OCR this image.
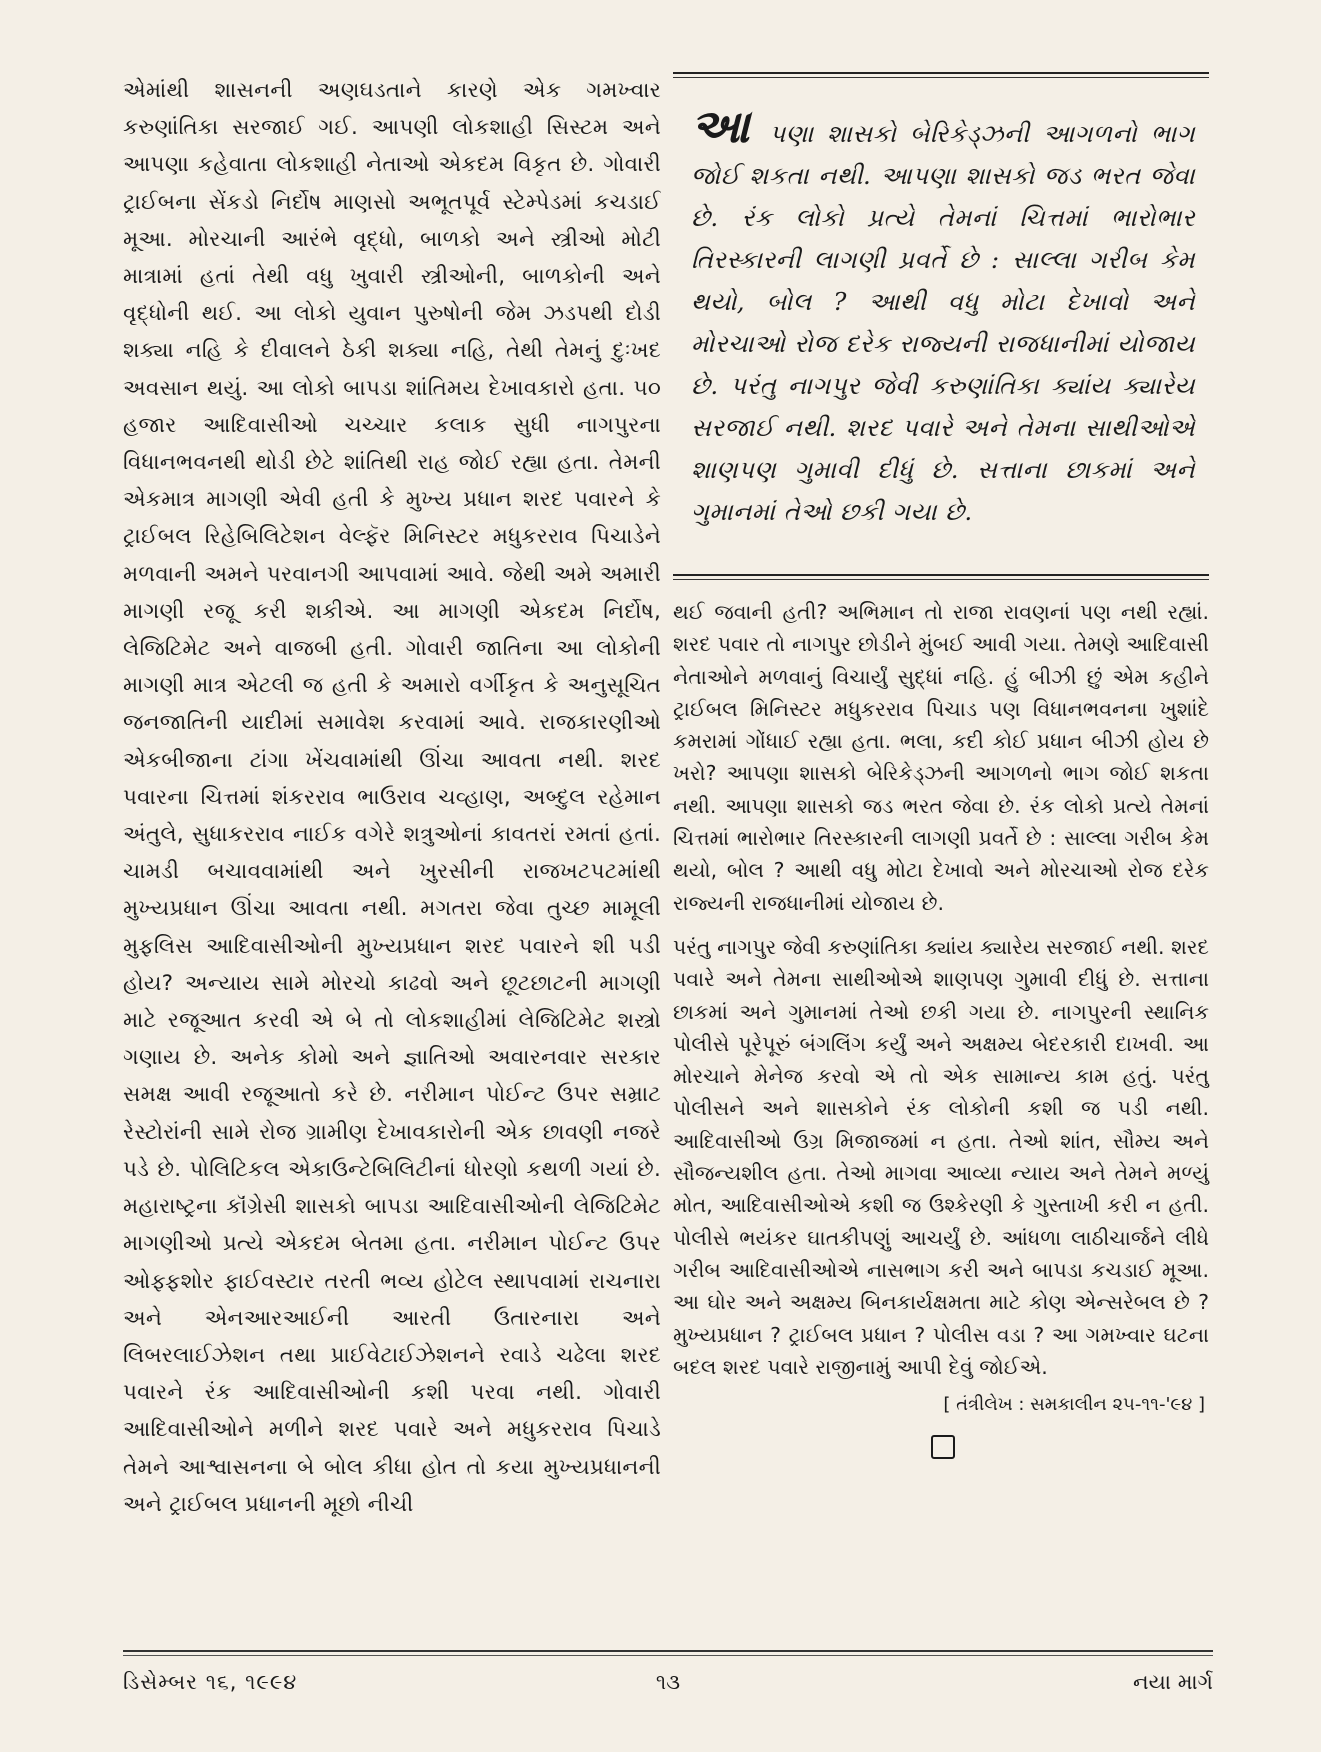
એમાંથી શાસનની અણઘડતાને કારણે એક ગમખ્વાર કરુણાંતિકા સરજાઈ ગઈ. આપણી લોકશાહી સિસ્ટમ અને આપણા કહેવાતા લોકશાહી નેતાઓ એકદમ વિકૃત છે. ગોવારી ટ્રાઈબના સેંકડો નિર્દોષ માણસો અભૂતપૂર્વ સ્ટેમ્પેડમાં કચડાઈ મૂઆ. મોરચાની આરંભે વૃદ્ધો, બાળકો અને સ્ત્રીઓ મોટી માત્રામાં હતાં તેથી વધુ ખુવારી સ્ત્રીઓની, બાળકોની અને વૃદ્ધોની થઈ. આ લોકો યુવાન પુરુષોની જેમ ઝડપથી દોડી શક્યા નહિ કે દીવાલને ઠેકી શક્યા નહિ, તેથી તેમનું દુઃખદ અવસાન થયું. આ લોકો બાપડા શાંતિમય દેખાવકારો હતા. ૫૦ હજાર આદિવાસીઓ ચચ્ચાર કલાક સુધી નાગપુરના વિધાનભવનથી થોડી છેટે શાંતિથી રાહ જોઈ રહ્યા હતા. તેમની એકમાત્ર માગણી એવી હતી કે મુખ્ય પ્રધાન શરદ પવારને કે ટ્રાઈબલ રિહેબિલિટેશન વેલ્ફૅર મિનિસ્ટર મધુકરરાવ પિચાડેને મળવાની અમને પરવાનગી આપવામાં આવે. જેથી અમે અમારી માગણી રજૂ કરી શકીએ. આ માગણી એકદમ નિર્દોષ, લેજિટિમેટ અને વાજબી હતી. ગોવારી જાતિના આ લોકોની માગણી માત્ર એટલી જ હતી કે અમારો વર્ગીકૃત કે અનુસૂચિત જનજાતિની યાદીમાં સમાવેશ કરવામાં આવે. રાજકારણીઓ એકબીજાના ટાંગા ખેંચવામાંથી ઊંચા આવતા નથી. શરદ પવારના ચિત્તમાં શંકરરાવ ભાઉરાવ ચવ્હાણ, અબ્દુલ રહેમાન અંતુલે, સુધાકરરાવ નાઈક વગેરે શત્રુઓનાં કાવતરાં રમતાં હતાં. ચામડી બચાવવામાંથી અને ખુરસીની રાજખટપટમાંથી મુખ્યપ્રધાન ઊંચા આવતા નથી. મગતરા જેવા તુચ્છ મામૂલી મુફલિસ આદિવાસીઓની મુખ્યપ્રધાન શરદ પવારને શી પડી હોય? અન્યાય સામે મોરચો કાઢવો અને છૂટછાટની માગણી માટે રજૂઆત કરવી એ બે તો લોકશાહીમાં લેજિટિમેટ શસ્ત્રો ગણાય છે. અનેક કોમો અને જ્ઞાતિઓ અવારનવાર સરકાર સમક્ષ આવી રજૂઆતો કરે છે. નરીમાન પોઈન્ટ ઉપર સમ્રાટ રેસ્ટોરાંની સામે રોજ ગ્રામીણ દેખાવકારોની એક છાવણી નજરે પડે છે. પોલિટિકલ એકાઉન્ટેબિલિટીનાં ધોરણો કથળી ગયાં છે. મહારાષ્ટ્રના કૉંગ્રેસી શાસકો બાપડા આદિવાસીઓની લેજિટિમેટ માગણીઓ પ્રત્યે એકદમ બેતમા હતા. નરીમાન પોઈન્ટ ઉપર ઓફ્ફશોર ફાઈવસ્ટાર તરતી ભવ્ય હોટેલ સ્થાપવામાં રાચનારા અને એનઆરઆઈની આરતી ઉતારનારા અને લિબરલાઈઝેશન તથા પ્રાઈવેટાઈઝેશનને રવાડે ચઢેલા શરદ પવારને રંક આદિવાસીઓની કશી પરવા નથી. ગોવારી આદિવાસીઓને મળીને શરદ પવારે અને મધુકરરાવ પિચાડે તેમને આશ્વાસનના બે બોલ કીધા હોત તો કયા મુખ્યપ્રધાનની અને ટ્રાઈબલ પ્રધાનની મૂછો નીચી

આ પણા શાસકો બેરિકેડ્ઝની આગળનો ભાગ જોઈ શકતા નથી. આપણા શાસકો જડ ભરત જેવા છે. રંક લોકો પ્રત્યે તેમનાં ચિત્તમાં ભારોભાર તિરસ્કારની લાગણી પ્રવર્તે છે : સાલ્લા ગરીબ કેમ થયો, બોલ ? આથી વધુ મોટા દેખાવો અને મોરચાઓ રોજ દરેક રાજ્યની રાજધાનીમાં યોજાય છે. પરંતુ નાગપુર જેવી કરુણાંતિકા ક્યાંય ક્યારેય સરજાઈ નથી. શરદ પવારે અને તેમના સાથીઓએ શાણપણ ગુમાવી દીધું છે. સત્તાના છાકમાં અને ગુમાનમાં તેઓ છકી ગયા છે.

થઈ જવાની હતી? અભિમાન તો રાજા રાવણનાં પણ નથી રહ્યાં. શરદ પવાર તો નાગપુર છોડીને મુંબઈ આવી ગયા. તેમણે આદિવાસી નેતાઓને મળવાનું વિચાર્યું સુદ્ધાં નહિ. હું બીઝી છું એમ કહીને ટ્રાઈબલ મિનિસ્ટર મધુકરરાવ પિચાડ પણ વિધાનભવનના ખુશાંદે કમરામાં ગોંધાઈ રહ્યા હતા. ભલા, કદી કોઈ પ્રધાન બીઝી હોય છે ખરો? આપણા શાસકો બેરિકેડ્ઝની આગળનો ભાગ જોઈ શકતા નથી. આપણા શાસકો જડ ભરત જેવા છે. રંક લોકો પ્રત્યે તેમનાં ચિત્તમાં ભારોભાર તિરસ્કારની લાગણી પ્રવર્તે છે : સાલ્લા ગરીબ કેમ થયો, બોલ ? આથી વધુ મોટા દેખાવો અને મોરચાઓ રોજ દરેક રાજ્યની રાજધાનીમાં યોજાય છે.

પરંતુ નાગપુર જેવી કરુણાંતિકા ક્યાંય ક્યારેય સરજાઈ નથી. શરદ પવારે અને તેમના સાથીઓએ શાણપણ ગુમાવી દીધું છે. સત્તાના છાકમાં અને ગુમાનમાં તેઓ છકી ગયા છે. નાગપુરની સ્થાનિક પોલીસે પૂરેપૂરું બંગલિંગ કર્યું અને અક્ષમ્ય બેદરકારી દાખવી. આ મોરચાને મેનેજ કરવો એ તો એક સામાન્ય કામ હતું. પરંતુ પોલીસને અને શાસકોને રંક લોકોની કશી જ પડી નથી. આદિવાસીઓ ઉગ્ર મિજાજમાં ન હતા. તેઓ શાંત, સૌમ્ય અને સૌજન્યશીલ હતા. તેઓ માગવા આવ્યા ન્યાય અને તેમને મળ્યું મોત, આદિવાસીઓએ કશી જ ઉશ્કેરણી કે ગુસ્તાખી કરી ન હતી. પોલીસે ભયંકર ઘાતકીપણું આચર્યું છે. આંધળા લાઠીચાર્જને લીધે ગરીબ આદિવાસીઓએ નાસભાગ કરી અને બાપડા કચડાઈ મૂઆ. આ ઘોર અને અક્ષમ્ય બિનકાર્યક્ષમતા માટે કોણ એન્સરેબલ છે ? મુખ્યપ્રધાન ? ટ્રાઈબલ પ્રધાન ? પોલીસ વડા ? આ ગમખ્વાર ઘટના બદલ શરદ પવારે રાજીનામું આપી દેવું જોઈએ.

[ તંત્રીલેખ : સમકાલીન ૨૫-૧૧-'૯૪ ]
ડિસેમ્બર ૧૬, ૧૯૯૪	૧૩	નયા માર્ગ
